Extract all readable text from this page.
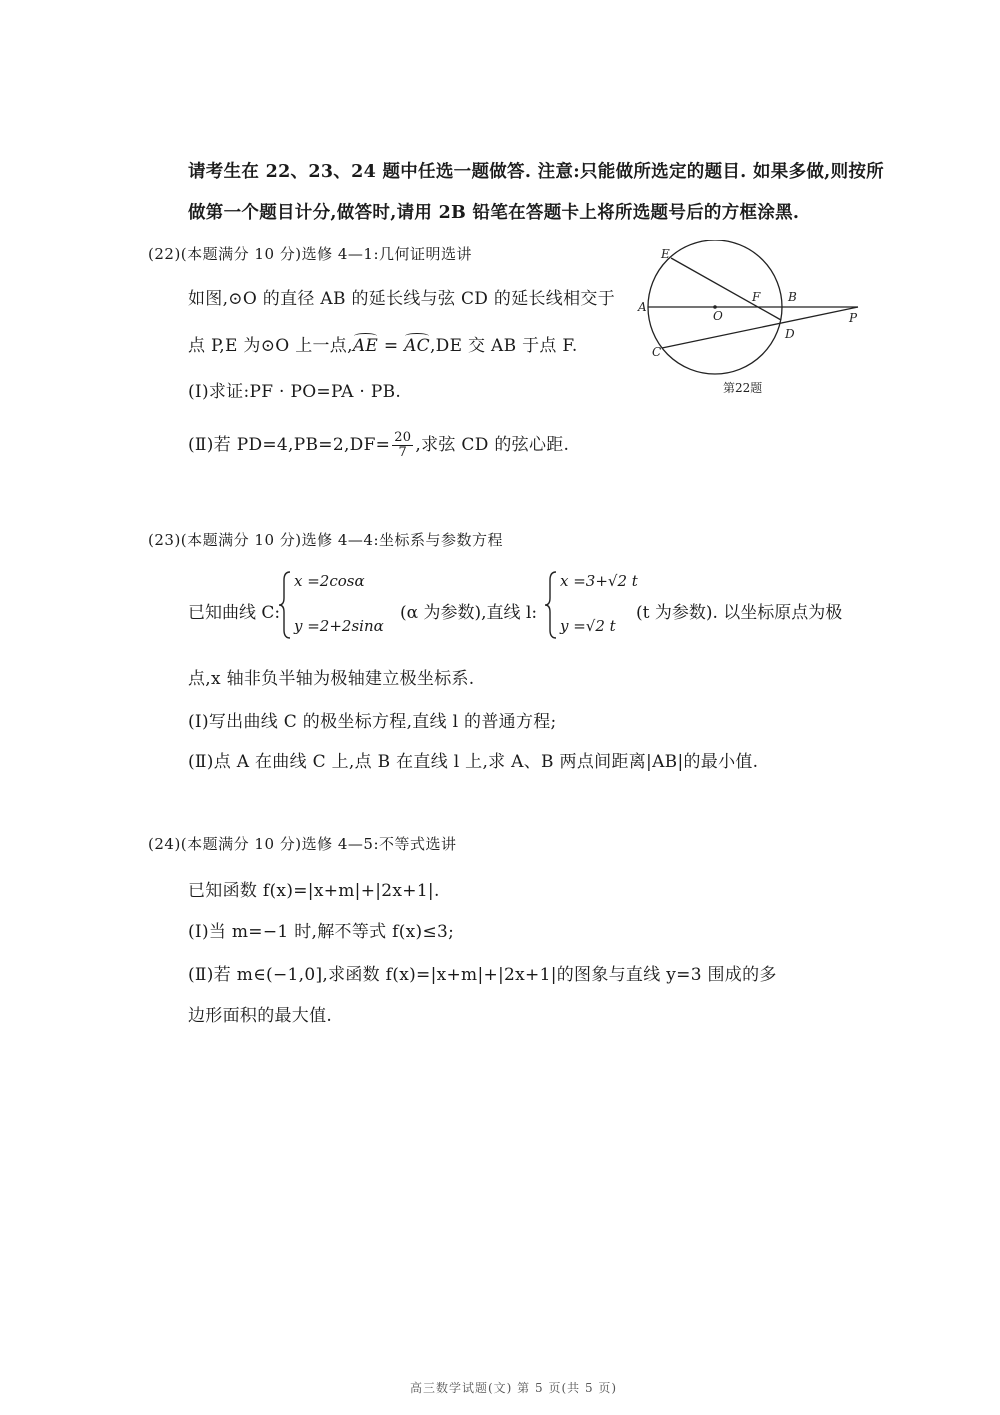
请考生在 22、23、24 题中任选一题做答. 注意:只能做所选定的题目. 如果多做,则按所
做第一个题目计分,做答时,请用 2B 铅笔在答题卡上将所选题号后的方框涂黑.
(22)(本题满分 10 分)选修 4—1:几何证明选讲
如图,⊙O 的直径 AB 的延长线与弦 CD 的延长线相交于
点 P,E 为⊙O 上一点,AE = AC,DE 交 AB 于点 F.
(Ⅰ)求证:PF · PO=PA · PB.
(Ⅱ)若 $PD=4,PB=2,DF= \frac{20}{7}$ ,求弦 CD 的弦心距.
E
A
O
F B
D
P
C
第22题
(23)(本题满分 10 分)选修 4—4:坐标系与参数方程
已知曲线 C:
x =2cosα
y =2+2sinα
(α 为参数),直线 l:
x =3+√2 t
y =√2 t
(t 为参数). 以坐标原点为极
点,x 轴非负半轴为极轴建立极坐标系.
(Ⅰ)写出曲线 C 的极坐标方程,直线 l 的普通方程;
(Ⅱ)点 A 在曲线 C 上,点 B 在直线 l 上,求 A、B 两点间距离|AB|的最小值.
(24)(本题满分 10 分)选修 4—5:不等式选讲
已知函数 f(x)=|x+m|+|2x+1|.
(Ⅰ)当 m=−1 时,解不等式 f(x)≤3;
(Ⅱ)若 m∈(−1,0],求函数 f(x)=|x+m|+|2x+1|的图象与直线 y=3 围成的多
边形面积的最大值.
高三数学试题(文) 第 5 页(共 5 页)
